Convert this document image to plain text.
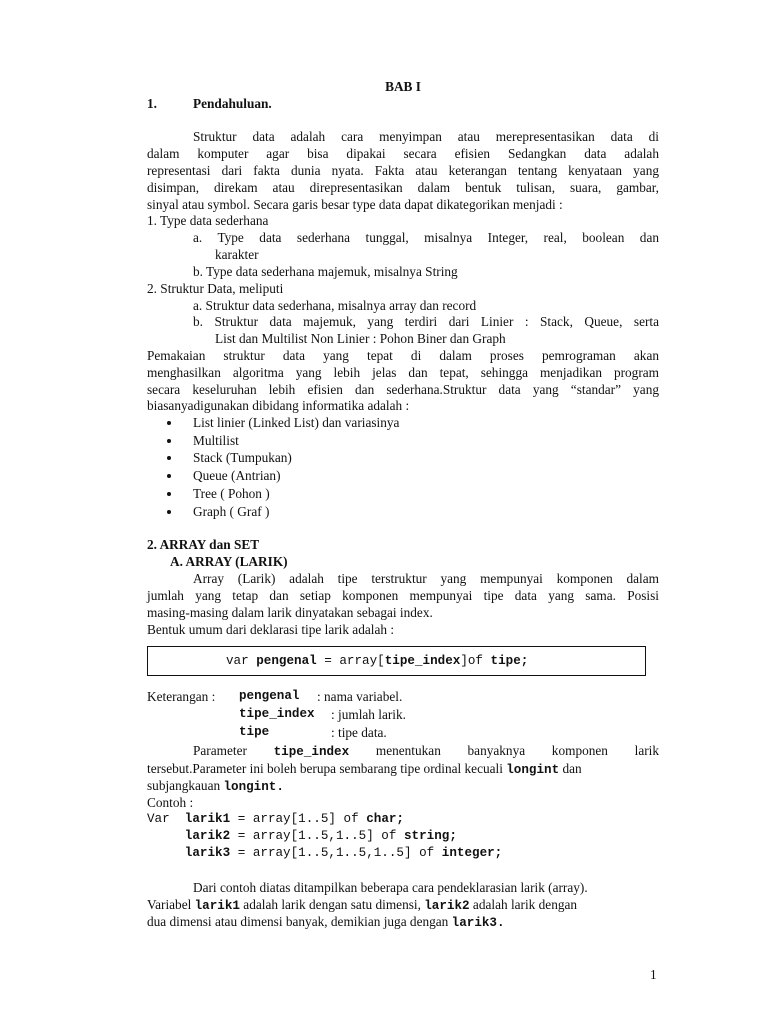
BAB I
1.	Pendahuluan.
Struktur data adalah cara menyimpan atau merepresentasikan data di
dalam komputer agar bisa dipakai secara efisien Sedangkan data adalah
representasi dari fakta dunia nyata. Fakta atau keterangan tentang kenyataan yang
disimpan, direkam atau direpresentasikan dalam bentuk tulisan, suara, gambar,
sinyal atau symbol. Secara garis besar type data dapat dikategorikan menjadi :
1. Type data sederhana
a. Type data sederhana tunggal, misalnya Integer, real, boolean dan
karakter
b. Type data sederhana majemuk, misalnya String
2. Struktur Data, meliputi
a. Struktur data sederhana, misalnya array dan record
b. Struktur data majemuk, yang terdiri dari Linier : Stack, Queue, serta
List dan Multilist Non Linier : Pohon Biner dan Graph
Pemakaian struktur data yang tepat di dalam proses pemrograman akan
menghasilkan algoritma yang lebih jelas dan tepat, sehingga menjadikan program
secara keseluruhan lebih efisien dan sederhana.Struktur data yang “standar” yang
biasanyadigunakan dibidang informatika adalah :
List linier (Linked List) dan variasinya
Multilist
Stack (Tumpukan)
Queue (Antrian)
Tree ( Pohon )
Graph ( Graf )
2. ARRAY dan SET
A. ARRAY (LARIK)
Array (Larik) adalah tipe terstruktur yang mempunyai komponen dalam
jumlah yang tetap dan setiap komponen mempunyai tipe data yang sama. Posisi
masing-masing dalam larik dinyatakan sebagai index.
Bentuk umum dari deklarasi tipe larik adalah :
var pengenal = array[tipe_index]of tipe;
Keterangan :	pengenal	: nama variabel.
tipe_index	: jumlah larik.
tipe	: tipe data.
Parameter tipe_index menentukan banyaknya komponen larik
tersebut.Parameter ini boleh berupa sembarang tipe ordinal kecuali longint dan
subjangkauan longint.
Contoh :
Var  larik1 = array[1..5] of char;
larik2 = array[1..5,1..5] of string;
larik3 = array[1..5,1..5,1..5] of integer;
Dari contoh diatas ditampilkan beberapa cara pendeklarasian larik (array).
Variabel larik1 adalah larik dengan satu dimensi, larik2 adalah larik dengan
dua dimensi atau dimensi banyak, demikian juga dengan larik3.
1
